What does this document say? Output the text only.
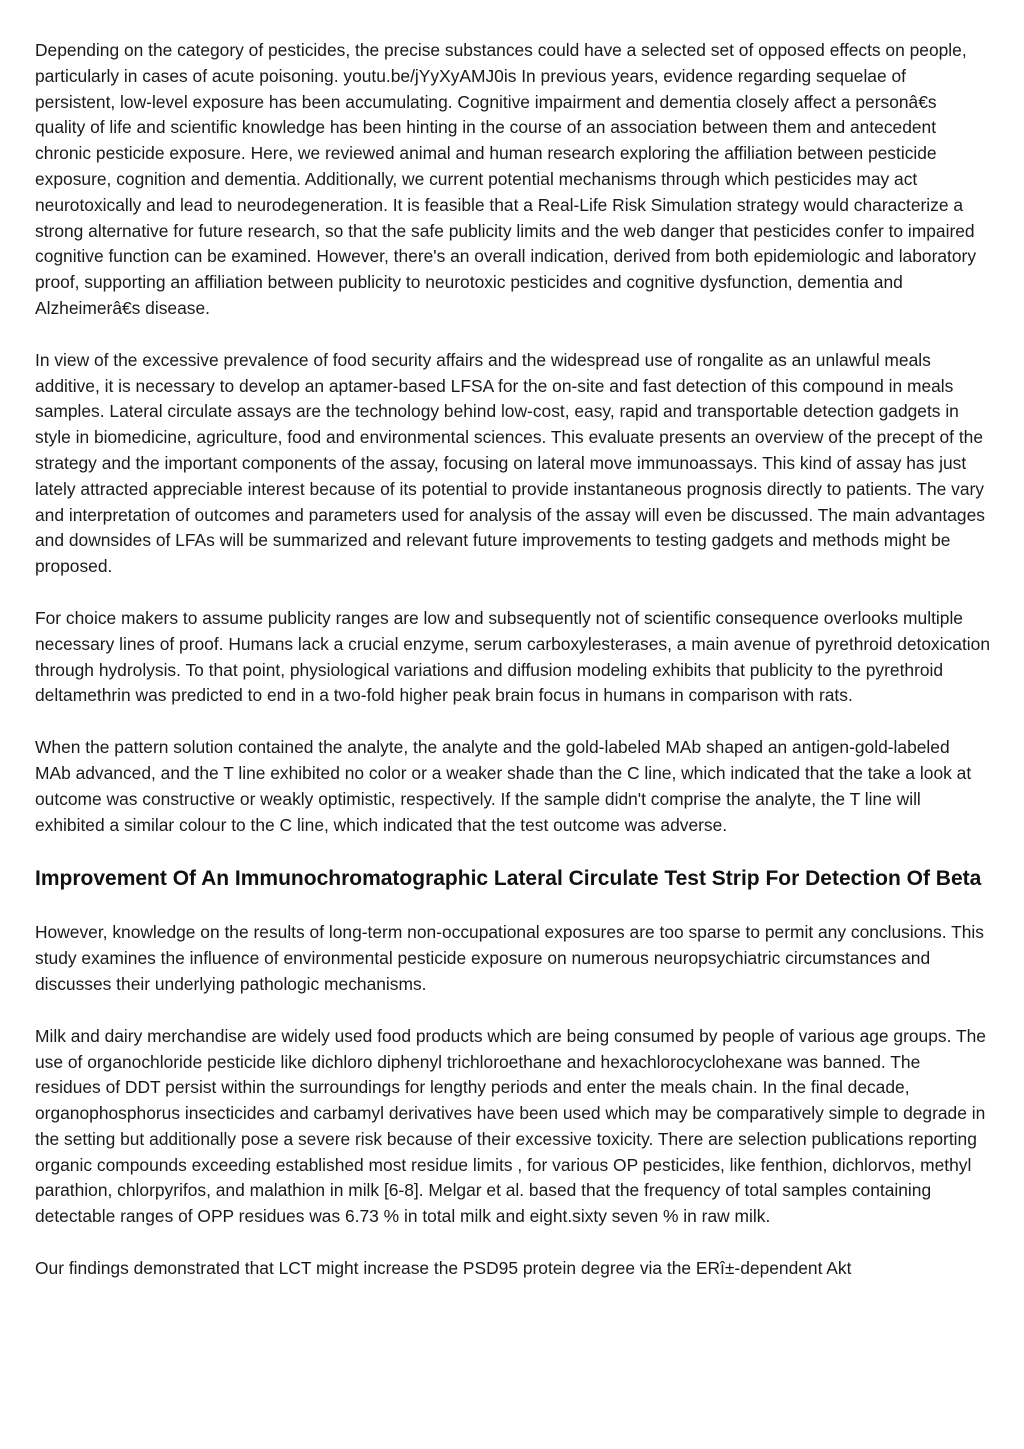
Depending on the category of pesticides, the precise substances could have a selected set of opposed effects on people, particularly in cases of acute poisoning. youtu.be/jYyXyAMJ0is In previous years, evidence regarding sequelae of persistent, low-level exposure has been accumulating. Cognitive impairment and dementia closely affect a personâ€s quality of life and scientific knowledge has been hinting in the course of an association between them and antecedent chronic pesticide exposure. Here, we reviewed animal and human research exploring the affiliation between pesticide exposure, cognition and dementia. Additionally, we current potential mechanisms through which pesticides may act neurotoxically and lead to neurodegeneration. It is feasible that a Real-Life Risk Simulation strategy would characterize a strong alternative for future research, so that the safe publicity limits and the web danger that pesticides confer to impaired cognitive function can be examined. However, there's an overall indication, derived from both epidemiologic and laboratory proof, supporting an affiliation between publicity to neurotoxic pesticides and cognitive dysfunction, dementia and Alzheimerâ€s disease.

In view of the excessive prevalence of food security affairs and the widespread use of rongalite as an unlawful meals additive, it is necessary to develop an aptamer-based LFSA for the on-site and fast detection of this compound in meals samples. Lateral circulate assays are the technology behind low-cost, easy, rapid and transportable detection gadgets in style in biomedicine, agriculture, food and environmental sciences. This evaluate presents an overview of the precept of the strategy and the important components of the assay, focusing on lateral move immunoassays. This kind of assay has just lately attracted appreciable interest because of its potential to provide instantaneous prognosis directly to patients. The vary and interpretation of outcomes and parameters used for analysis of the assay will even be discussed. The main advantages and downsides of LFAs will be summarized and relevant future improvements to testing gadgets and methods might be proposed.

For choice makers to assume publicity ranges are low and subsequently not of scientific consequence overlooks multiple necessary lines of proof. Humans lack a crucial enzyme, serum carboxylesterases, a main avenue of pyrethroid detoxication through hydrolysis. To that point, physiological variations and diffusion modeling exhibits that publicity to the pyrethroid deltamethrin was predicted to end in a two-fold higher peak brain focus in humans in comparison with rats.

When the pattern solution contained the analyte, the analyte and the gold-labeled MAb shaped an antigen-gold-labeled MAb advanced, and the T line exhibited no color or a weaker shade than the C line, which indicated that the take a look at outcome was constructive or weakly optimistic, respectively. If the sample didn't comprise the analyte, the T line will exhibited a similar colour to the C line, which indicated that the test outcome was adverse.

Improvement Of An Immunochromatographic Lateral Circulate Test Strip For Detection Of Beta

However, knowledge on the results of long-term non-occupational exposures are too sparse to permit any conclusions. This study examines the influence of environmental pesticide exposure on numerous neuropsychiatric circumstances and discusses their underlying pathologic mechanisms.

Milk and dairy merchandise are widely used food products which are being consumed by people of various age groups. The use of organochloride pesticide like dichloro diphenyl trichloroethane and hexachlorocyclohexane was banned. The residues of DDT persist within the surroundings for lengthy periods and enter the meals chain. In the final decade, organophosphorus insecticides and carbamyl derivatives have been used which may be comparatively simple to degrade in the setting but additionally pose a severe risk because of their excessive toxicity. There are selection publications reporting organic compounds exceeding established most residue limits , for various OP pesticides, like fenthion, dichlorvos, methyl parathion, chlorpyrifos, and malathion in milk [6-8]. Melgar et al. based that the frequency of total samples containing detectable ranges of OPP residues was 6.73 % in total milk and eight.sixty seven % in raw milk.

Our findings demonstrated that LCT might increase the PSD95 protein degree via the ERî±-dependent Akt
